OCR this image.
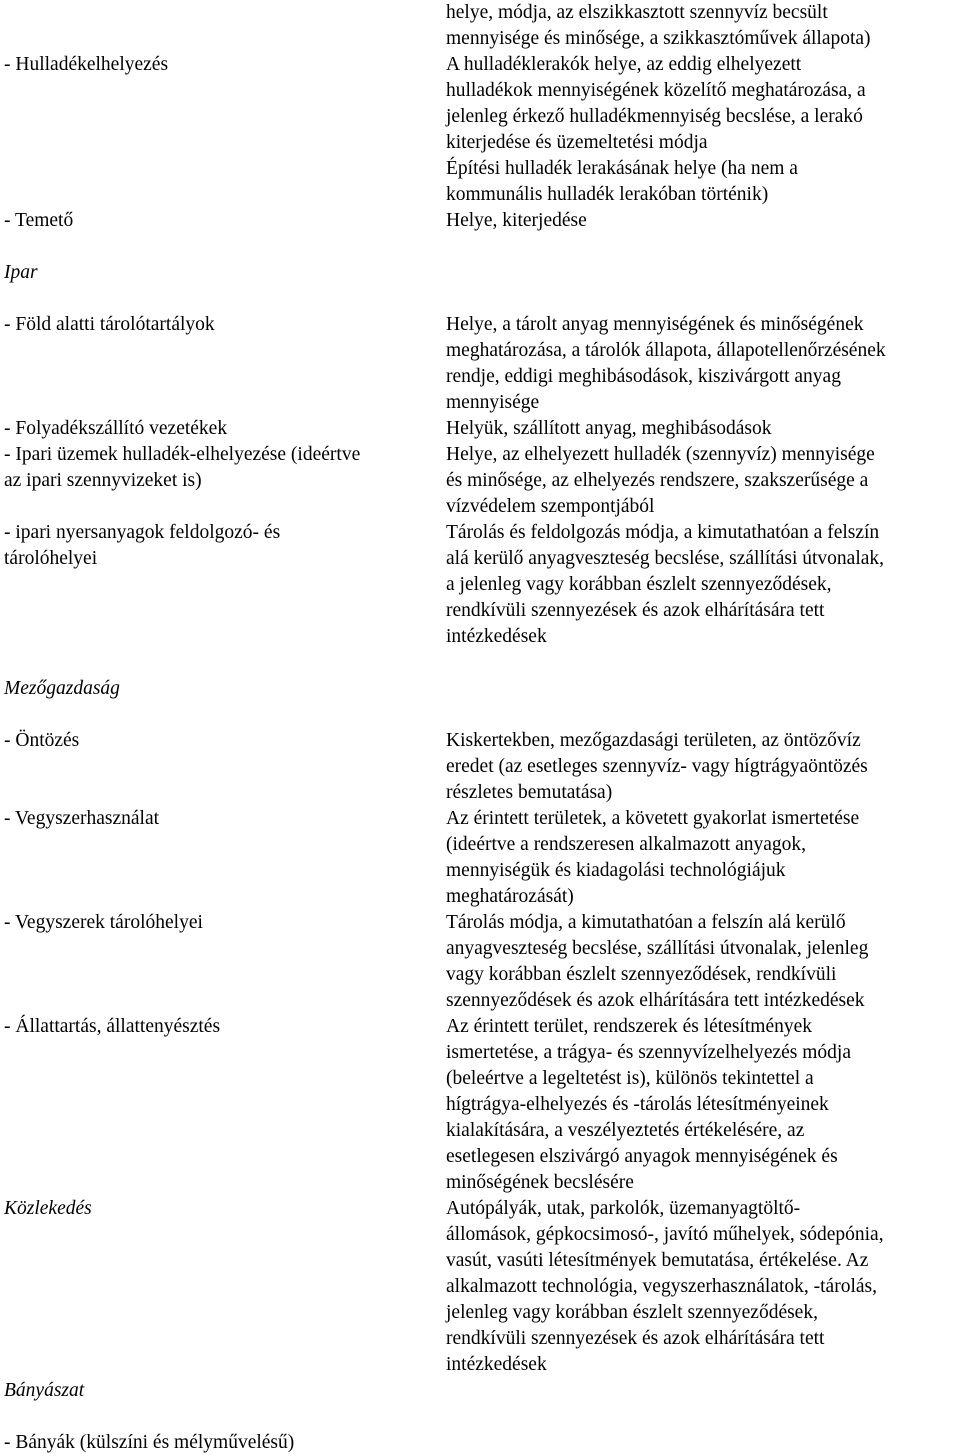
helye, módja, az elszikkasztott szennyvíz becsült

mennyisége és minősége, a szikkasztóművek állapota)

- Hulladékelhelyezés	A hulladéklerakók helye, az eddig elhelyezett

hulladékok mennyiségének közelítő meghatározása, a

jelenleg érkező hulladékmennyiség becslése, a lerakó

kiterjedése és üzemeltetési módja

Építési hulladék lerakásának helye (ha nem a

kommunális hulladék lerakóban történik)

- Temető	Helye, kiterjedése

Ipar

- Föld alatti tárolótartályok	Helye, a tárolt anyag mennyiségének és minőségének

meghatározása, a tárolók állapota, állapotellenőrzésének

rendje, eddigi meghibásodások, kiszivárgott anyag

mennyisége

- Folyadékszállító vezetékek	Helyük, szállított anyag, meghibásodások

- Ipari üzemek hulladék-elhelyezése (ideértve	Helye, az elhelyezett hulladék (szennyvíz) mennyisége

az ipari szennyvizeket is)	és minősége, az elhelyezés rendszere, szakszerűsége a

vízvédelem szempontjából

- ipari nyersanyagok feldolgozó- és	Tárolás és feldolgozás módja, a kimutathatóan a felszín

tárolóhelyei	alá kerülő anyagveszteség becslése, szállítási útvonalak,

a jelenleg vagy korábban észlelt szennyeződések,

rendkívüli szennyezések és azok elhárítására tett

intézkedések

Mezőgazdaság

- Öntözés	Kiskertekben, mezőgazdasági területen, az öntözővíz

eredet (az esetleges szennyvíz- vagy hígtrágyaöntözés

részletes bemutatása)

- Vegyszerhasználat	Az érintett területek, a követett gyakorlat ismertetése

(ideértve a rendszeresen alkalmazott anyagok,

mennyiségük és kiadagolási technológiájuk

meghatározását)

- Vegyszerek tárolóhelyei	Tárolás módja, a kimutathatóan a felszín alá kerülő

anyagveszteség becslése, szállítási útvonalak, jelenleg

vagy korábban észlelt szennyeződések, rendkívüli

szennyeződések és azok elhárítására tett intézkedések

- Állattartás, állattenyésztés	Az érintett terület, rendszerek és létesítmények

ismertetése, a trágya- és szennyvízelhelyezés módja

(beleértve a legeltetést is), különös tekintettel a

hígtrágya-elhelyezés és -tárolás létesítményeinek

kialakítására, a veszélyeztetés értékelésére, az

esetlegesen elszivárgó anyagok mennyiségének és

minőségének becslésére

Közlekedés	Autópályák, utak, parkolók, üzemanyagtöltő-

állomások, gépkocsimosó-, javító műhelyek, sódepónia,

vasút, vasúti létesítmények bemutatása, értékelése. Az

alkalmazott technológia, vegyszerhasználatok, -tárolás,

jelenleg vagy korábban észlelt szennyeződések,

rendkívüli szennyezések és azok elhárítására tett

intézkedések

Bányászat

- Bányák (külszíni és mélyművelésű)
